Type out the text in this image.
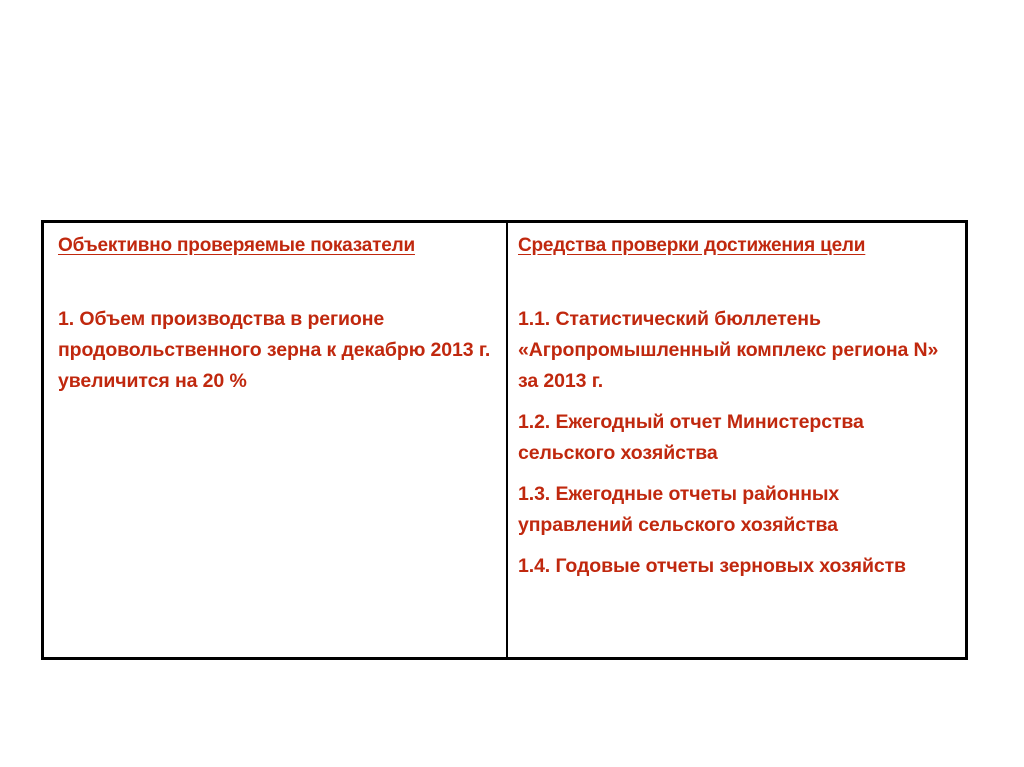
Объективно проверяемые показатели

1. Объем производства в регионе продовольственного зерна к декабрю 2013 г. увеличится на 20 %

Средства проверки достижения цели

1.1. Статистический бюллетень «Агропромышленный комплекс региона N» за 2013 г.

1.2. Ежегодный отчет Министерства сельского хозяйства

1.3. Ежегодные отчеты районных управлений сельского хозяйства

1.4. Годовые отчеты зерновых хозяйств
